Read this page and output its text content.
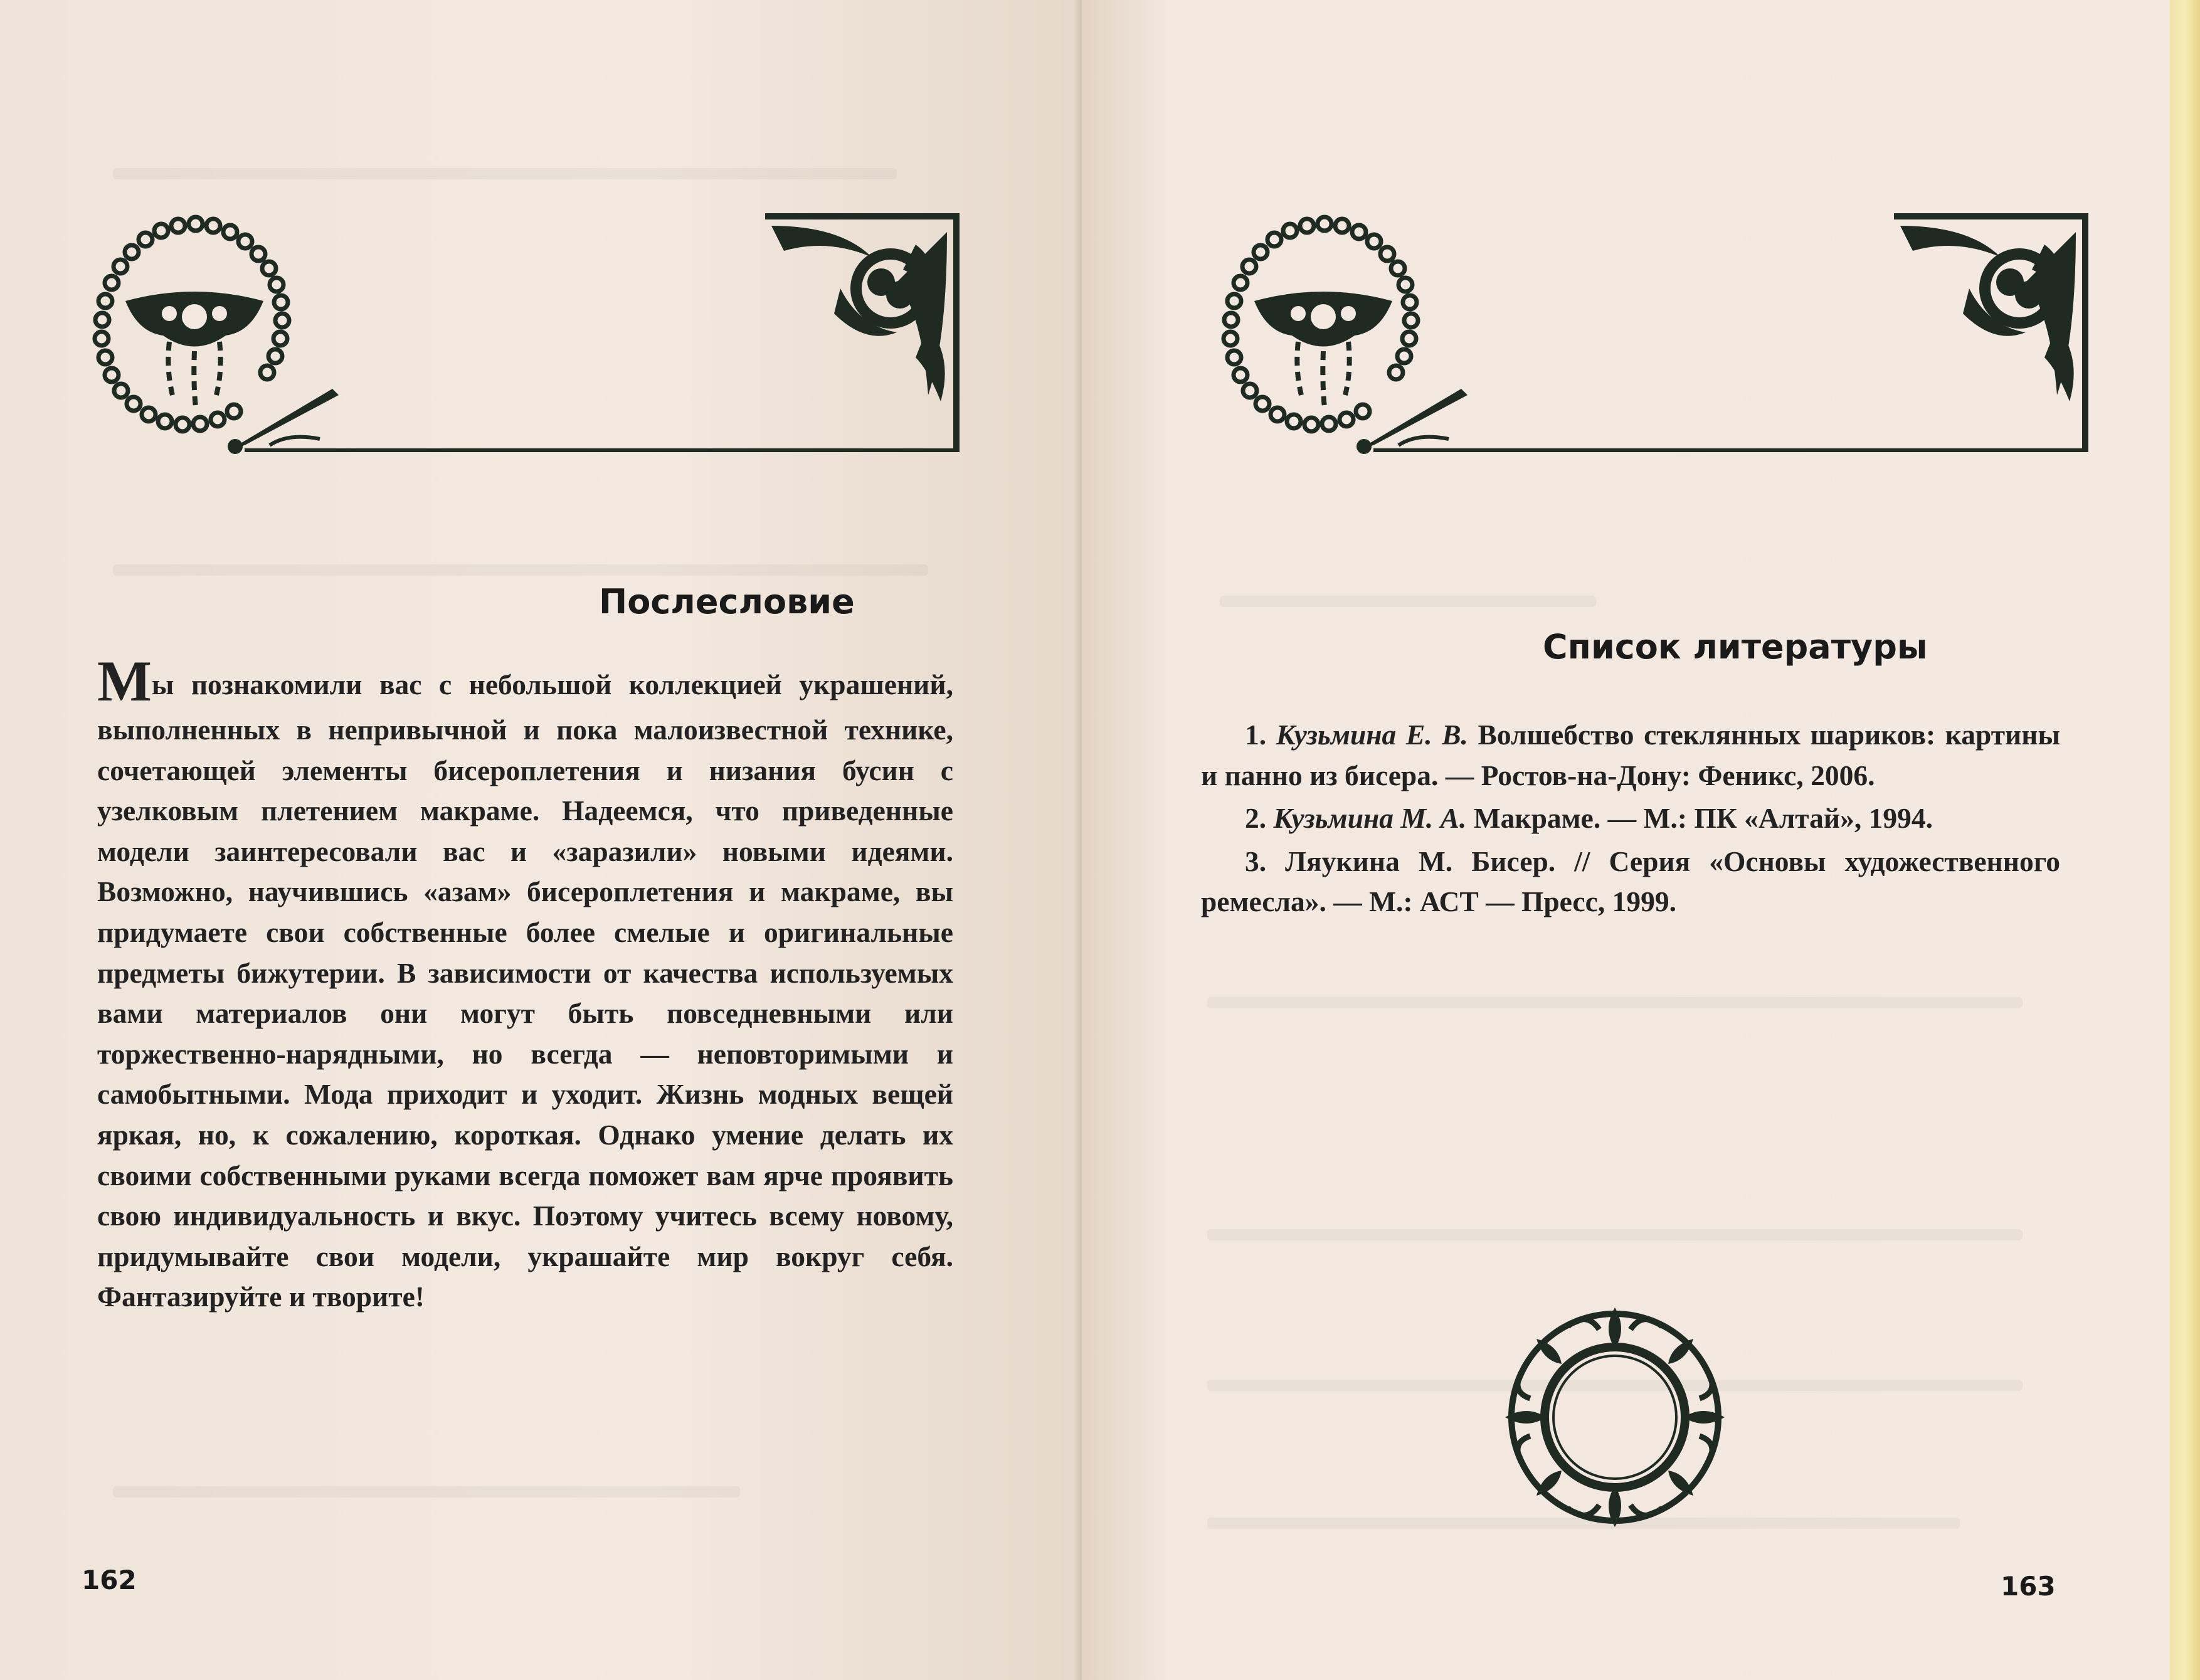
Послесловие
Мы познакомили вас с небольшой коллекцией украшений, выполненных в непривычной и пока малоизвестной технике, сочетающей элементы бисероплетения и низания бусин с узелковым плетением макраме. Надеемся, что приведенные модели заинтересовали вас и «заразили» новыми идеями. Возможно, научившись «азам» бисероплетения и макраме, вы придумаете свои собственные более смелые и оригинальные предметы бижутерии. В зависимости от качества используемых вами материалов они могут быть повседневными или торжественно-нарядными, но всегда — неповторимыми и самобытными. Мода приходит и уходит. Жизнь модных вещей яркая, но, к сожалению, короткая. Однако умение делать их своими собственными руками всегда поможет вам ярче проявить свою индивидуальность и вкус. Поэтому учитесь всему новому, придумывайте свои модели, украшайте мир вокруг себя. Фантазируйте и творите!
162
Список литературы

1. Кузьмина Е. В. Волшебство стеклянных шариков: картины и панно из бисера. — Ростов-на-Дону: Феникс, 2006.

2. Кузьмина М. А. Макраме. — М.: ПК «Алтай», 1994.

3. Ляукина М. Бисер. // Серия «Основы художественного ремесла». — М.: АСТ — Пресс, 1999.

163
